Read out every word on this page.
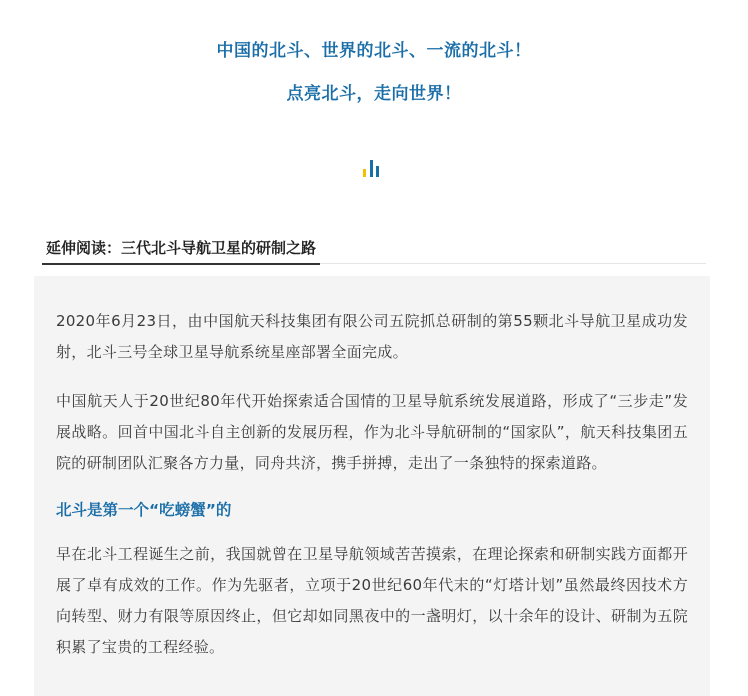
中国的北斗、世界的北斗、一流的北斗！
点亮北斗，走向世界！
延伸阅读：三代北斗导航卫星的研制之路

2020年6月23日，由中国航天科技集团有限公司五院抓总研制的第55颗北斗导航卫星成功发射，北斗三号全球卫星导航系统星座部署全面完成。

中国航天人于20世纪80年代开始探索适合国情的卫星导航系统发展道路，形成了“三步走”发展战略。回首中国北斗自主创新的发展历程，作为北斗导航研制的“国家队”，航天科技集团五院的研制团队汇聚各方力量，同舟共济，携手拼搏，走出了一条独特的探索道路。

北斗是第一个“吃螃蟹”的

早在北斗工程诞生之前，我国就曾在卫星导航领域苦苦摸索，在理论探索和研制实践方面都开展了卓有成效的工作。作为先驱者，立项于20世纪60年代末的“灯塔计划”虽然最终因技术方向转型、财力有限等原因终止，但它却如同黑夜中的一盏明灯，以十余年的设计、研制为五院积累了宝贵的工程经验。
